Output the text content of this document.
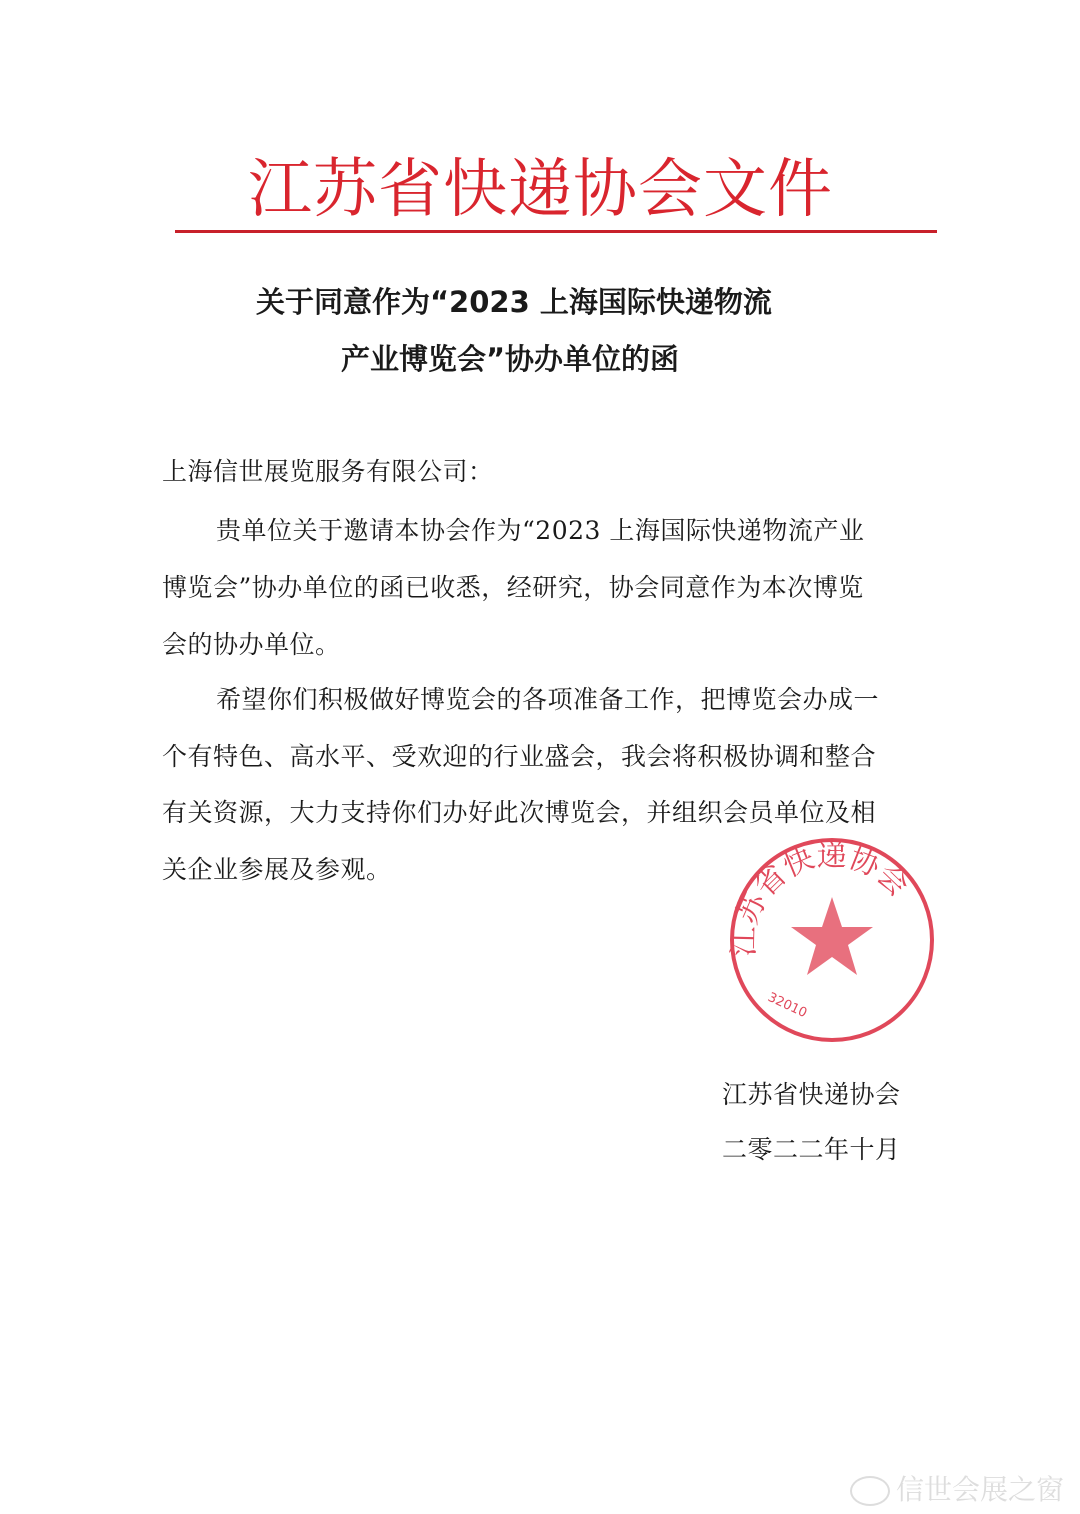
江苏省快递协会文件
关于同意作为“2023 上海国际快递物流
产业博览会”协办单位的函
上海信世展览服务有限公司：
贵单位关于邀请本协会作为“2023 上海国际快递物流产业
博览会”协办单位的函已收悉，经研究，协会同意作为本次博览
会的协办单位。
希望你们积极做好博览会的各项准备工作，把博览会办成一
个有特色、高水平、受欢迎的行业盛会，我会将积极协调和整合
有关资源，大力支持你们办好此次博览会，并组织会员单位及相
关企业参展及参观。
江苏省快递协会
32010
江苏省快递协会
二零二二年十月
信世会展之窗
